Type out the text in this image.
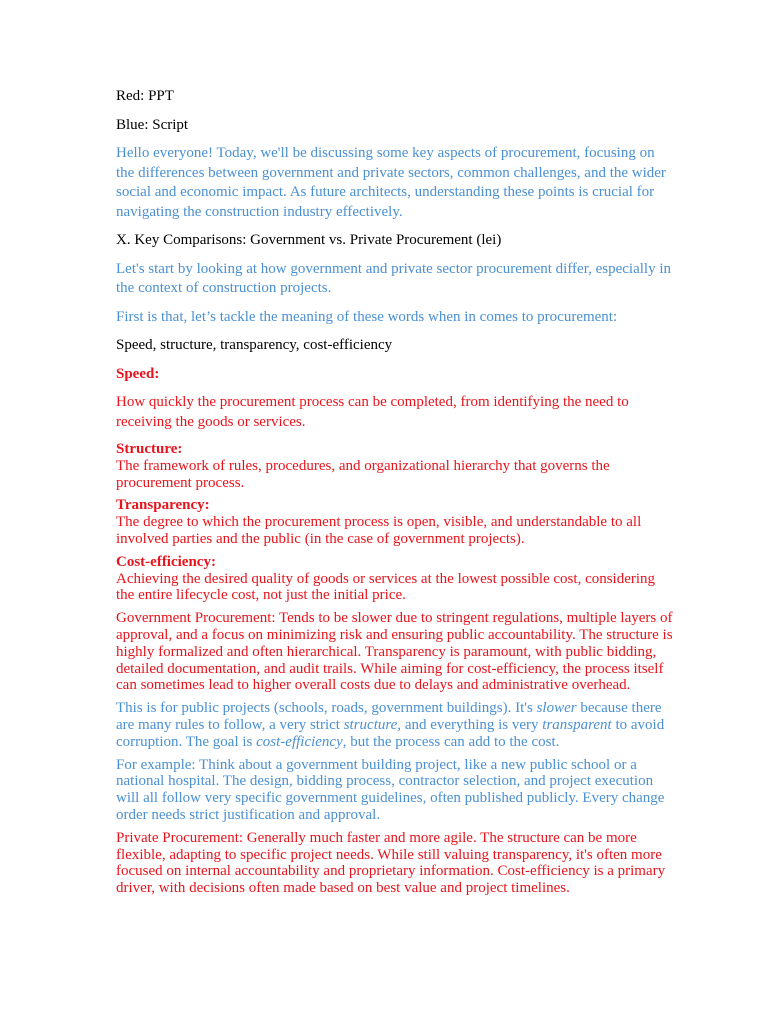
Red: PPT

Blue: Script

Hello everyone! Today, we'll be discussing some key aspects of procurement, focusing on the differences between government and private sectors, common challenges, and the wider social and economic impact. As future architects, understanding these points is crucial for navigating the construction industry effectively.

X. Key Comparisons: Government vs. Private Procurement (lei)

Let's start by looking at how government and private sector procurement differ, especially in the context of construction projects.

First is that, let’s tackle the meaning of these words when in comes to procurement:

Speed, structure, transparency, cost-efficiency

Speed:

How quickly the procurement process can be completed, from identifying the need to receiving the goods or services.

Structure:

The framework of rules, procedures, and organizational hierarchy that governs the procurement process.

Transparency:

The degree to which the procurement process is open, visible, and understandable to all involved parties and the public (in the case of government projects).

Cost-efficiency:

Achieving the desired quality of goods or services at the lowest possible cost, considering the entire lifecycle cost, not just the initial price.

Government Procurement: Tends to be slower due to stringent regulations, multiple layers of approval, and a focus on minimizing risk and ensuring public accountability. The structure is highly formalized and often hierarchical. Transparency is paramount, with public bidding, detailed documentation, and audit trails. While aiming for cost-efficiency, the process itself can sometimes lead to higher overall costs due to delays and administrative overhead.

This is for public projects (schools, roads, government buildings). It's slower because there are many rules to follow, a very strict structure, and everything is very transparent to avoid corruption. The goal is cost-efficiency, but the process can add to the cost.

For example: Think about a government building project, like a new public school or a national hospital. The design, bidding process, contractor selection, and project execution will all follow very specific government guidelines, often published publicly. Every change order needs strict justification and approval.

Private Procurement: Generally much faster and more agile. The structure can be more flexible, adapting to specific project needs. While still valuing transparency, it's often more focused on internal accountability and proprietary information. Cost-efficiency is a primary driver, with decisions often made based on best value and project timelines.
